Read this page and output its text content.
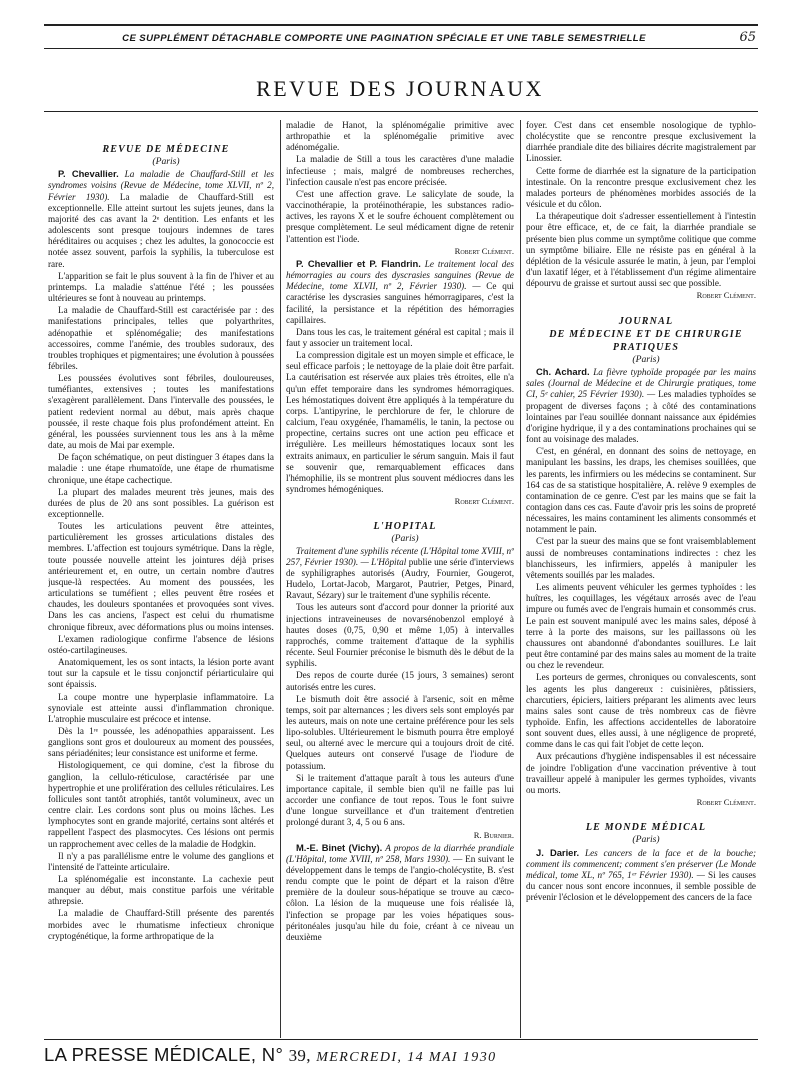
CE SUPPLÉMENT DÉTACHABLE COMPORTE UNE PAGINATION SPÉCIALE ET UNE TABLE SEMESTRIELLE	65
REVUE DES JOURNAUX

REVUE DE MÉDECINE

(Paris)

P. Chevallier. La maladie de Chauffard-Still et les syndromes voisins (Revue de Médecine, tome XLVII, nº 2, Février 1930). La maladie de Chauffard-Still est exceptionnelle. Elle atteint surtout les sujets jeunes, dans la majorité des cas avant la 2ᵉ dentition. Les enfants et les adolescents sont presque toujours indemnes de tares héréditaires ou acquises ; chez les adultes, la gonococcie est notée assez souvent, parfois la syphilis, la tuberculose est rare.

L'apparition se fait le plus souvent à la fin de l'hiver et au printemps. La maladie s'atténue l'été ; les poussées ultérieures se font à nouveau au printemps.

La maladie de Chauffard-Still est caractérisée par : des manifestations principales, telles que polyarthrites, adénopathie et splénomégalie; des manifestations accessoires, comme l'anémie, des troubles sudoraux, des troubles trophiques et pigmentaires; une évolution à poussées fébriles.

Les poussées évolutives sont fébriles, douloureuses, tuméfiantes, extensives ; toutes les manifestations s'exagèrent parallèlement. Dans l'intervalle des poussées, le patient redevient normal au début, mais après chaque poussée, il reste chaque fois plus profondément atteint. En général, les poussées surviennent tous les ans à la même date, au mois de Mai par exemple.

De façon schématique, on peut distinguer 3 étapes dans la maladie : une étape rhumatoïde, une étape de rhumatisme chronique, une étape cachectique.

La plupart des malades meurent très jeunes, mais des durées de plus de 20 ans sont possibles. La guérison est exceptionnelle.

Toutes les articulations peuvent être atteintes, particulièrement les grosses articulations distales des membres. L'affection est toujours symétrique. Dans la règle, toute poussée nouvelle atteint les jointures déjà prises antérieurement et, en outre, un certain nombre d'autres jusque-là respectées. Au moment des poussées, les articulations se tuméfient ; elles peuvent être rosées et chaudes, les douleurs spontanées et provoquées sont vives. Dans les cas anciens, l'aspect est celui du rhumatisme chronique fibreux, avec déformations plus ou moins intenses.

L'examen radiologique confirme l'absence de lésions ostéo-cartilagineuses.

Anatomiquement, les os sont intacts, la lésion porte avant tout sur la capsule et le tissu conjonctif périarticulaire qui sont épaissis.

La coupe montre une hyperplasie inflammatoire. La synoviale est atteinte aussi d'inflammation chronique. L'atrophie musculaire est précoce et intense.

Dès la 1ʳᵉ poussée, les adénopathies apparaissent. Les ganglions sont gros et douloureux au moment des poussées, sans périadénites; leur consistance est uniforme et ferme.

Histologiquement, ce qui domine, c'est la fibrose du ganglion, la cellulo-réticulose, caractérisée par une hypertrophie et une prolifération des cellules réticulaires. Les follicules sont tantôt atrophiés, tantôt volumineux, avec un centre clair. Les cordons sont plus ou moins lâches. Les lymphocytes sont en grande majorité, certains sont altérés et rappellent l'aspect des plasmocytes. Ces lésions ont permis un rapprochement avec celles de la maladie de Hodgkin.

Il n'y a pas parallélisme entre le volume des ganglions et l'intensité de l'atteinte articulaire.

La splénomégalie est inconstante. La cachexie peut manquer au début, mais constitue parfois une véritable athrepsie.

La maladie de Chauffard-Still présente des parentés morbides avec le rhumatisme infectieux chronique cryptogénétique, la forme arthropatique de la

maladie de Hanot, la splénomégalie primitive avec arthropathie et la splénomégalie primitive avec adénomégalie.

La maladie de Still a tous les caractères d'une maladie infectieuse ; mais, malgré de nombreuses recherches, l'infection causale n'est pas encore précisée.

C'est une affection grave. Le salicylate de soude, la vaccinothérapie, la protéinothérapie, les substances radio-actives, les rayons X et le soufre échouent complètement ou presque complètement. Le seul médicament digne de retenir l'attention est l'iode.

Robert Clément.

P. Chevallier et P. Flandrin. Le traitement local des hémorragies au cours des dyscrasies sanguines (Revue de Médecine, tome XLVII, nº 2, Février 1930). — Ce qui caractérise les dyscrasies sanguines hémorragipares, c'est la facilité, la persistance et la répétition des hémorragies capillaires.

Dans tous les cas, le traitement général est capital ; mais il faut y associer un traitement local.

La compression digitale est un moyen simple et efficace, le seul efficace parfois ; le nettoyage de la plaie doit être parfait. La cautérisation est réservée aux plaies très étroites, elle n'a qu'un effet temporaire dans les syndromes hémorragiques. Les hémostatiques doivent être appliqués à la température du corps. L'antipyrine, le perchlorure de fer, le chlorure de calcium, l'eau oxygénée, l'hamamélis, le tanin, la pectose ou propectine, certains sucres ont une action peu efficace et irrégulière. Les meilleurs hémostatiques locaux sont les extraits animaux, en particulier le sérum sanguin. Mais il faut se souvenir que, remarquablement efficaces dans l'hémophilie, ils se montrent plus souvent médiocres dans les syndromes hémogéniques.

Robert Clément.

L'HOPITAL

(Paris)

Traitement d'une syphilis récente (L'Hôpital tome XVIII, nº 257, Février 1930). — L'Hôpital publie une série d'interviews de syphiligraphes autorisés (Audry, Fournier, Gougerot, Hudelo, Lortat-Jacob, Margarot, Pautrier, Petges, Pinard, Ravaut, Sézary) sur le traitement d'une syphilis récente.

Tous les auteurs sont d'accord pour donner la priorité aux injections intraveineuses de novarsénobenzol employé à hautes doses (0,75, 0,90 et même 1,05) à intervalles rapprochés, comme traitement d'attaque de la syphilis récente. Seul Fournier préconise le bismuth dès le début de la syphilis.

Des repos de courte durée (15 jours, 3 semaines) seront autorisés entre les cures.

Le bismuth doit être associé à l'arsenic, soit en même temps, soit par alternances ; les divers sels sont employés par les auteurs, mais on note une certaine préférence pour les sels lipo-solubles. Ultérieurement le bismuth pourra être employé seul, ou alterné avec le mercure qui a toujours droit de cité. Quelques auteurs ont conservé l'usage de l'iodure de potassium.

Si le traitement d'attaque paraît à tous les auteurs d'une importance capitale, il semble bien qu'il ne faille pas lui accorder une confiance de tout repos. Tous le font suivre d'une longue surveillance et d'un traitement d'entretien prolongé durant 3, 4, 5 ou 6 ans.

R. Burnier.

M.-E. Binet (Vichy). A propos de la diarrhée prandiale (L'Hôpital, tome XVIII, nº 258, Mars 1930). — En suivant le développement dans le temps de l'angio-cholécystite, B. s'est rendu compte que le point de départ et la raison d'être première de la douleur sous-hépatique se trouve au cæco-côlon. La lésion de la muqueuse une fois réalisée là, l'infection se propage par les voies hépatiques sous-péritonéales jusqu'au hile du foie, créant à ce niveau un deuxième

foyer. C'est dans cet ensemble nosologique de typhlo-cholécystite que se rencontre presque exclusivement la diarrhée prandiale dite des biliaires décrite magistralement par Linossier.

Cette forme de diarrhée est la signature de la participation intestinale. On la rencontre presque exclusivement chez les malades porteurs de phénomènes morbides associés de la vésicule et du côlon.

La thérapeutique doit s'adresser essentiellement à l'intestin pour être efficace, et, de ce fait, la diarrhée prandiale se présente bien plus comme un symptôme colitique que comme un symptôme biliaire. Elle ne résiste pas en général à la déplétion de la vésicule assurée le matin, à jeun, par l'emploi d'un laxatif léger, et à l'établissement d'un régime alimentaire dépourvu de graisse et surtout aussi sec que possible.

Robert Clément.

JOURNAL

DE MÉDECINE ET DE CHIRURGIE

PRATIQUES

(Paris)

Ch. Achard. La fièvre typhoïde propagée par les mains sales (Journal de Médecine et de Chirurgie pratiques, tome CI, 5ᵉ cahier, 25 Février 1930). — Les maladies typhoïdes se propagent de diverses façons ; à côté des contaminations lointaines par l'eau souillée donnant naissance aux épidémies d'origine hydrique, il y a des contaminations prochaines qui se font au voisinage des malades.

C'est, en général, en donnant des soins de nettoyage, en manipulant les bassins, les draps, les chemises souillées, que les parents, les infirmiers ou les médecins se contaminent. Sur 164 cas de sa statistique hospitalière, A. relève 9 exemples de contamination de ce genre. C'est par les mains que se fait la contagion dans ces cas. Faute d'avoir pris les soins de propreté nécessaires, les mains contaminent les aliments consommés et notamment le pain.

C'est par la sueur des mains que se font vraisemblablement aussi de nombreuses contaminations indirectes : chez les blanchisseurs, les infirmiers, appelés à manipuler les vêtements souillés par les malades.

Les aliments peuvent véhiculer les germes typhoïdes : les huîtres, les coquillages, les végétaux arrosés avec de l'eau impure ou fumés avec de l'engrais humain et consommés crus. Le pain est souvent manipulé avec les mains sales, déposé à terre à la porte des maisons, sur les paillassons où les chaussures ont abandonné d'abondantes souillures. Le lait peut être contaminé par des mains sales au moment de la traite ou chez le revendeur.

Les porteurs de germes, chroniques ou convalescents, sont les agents les plus dangereux : cuisinières, pâtissiers, charcutiers, épiciers, laitiers préparant les aliments avec leurs mains sales sont cause de très nombreux cas de fièvre typhoïde. Enfin, les affections accidentelles de laboratoire sont souvent dues, elles aussi, à une négligence de propreté, comme dans le cas qui fait l'objet de cette leçon.

Aux précautions d'hygiène indispensables il est nécessaire de joindre l'obligation d'une vaccination préventive à tout travailleur appelé à manipuler les germes typhoïdes, vivants ou morts.

Robert Clément.

LE MONDE MÉDICAL

(Paris)

J. Darier. Les cancers de la face et de la bouche; comment ils commencent; comment s'en préserver (Le Monde médical, tome XL, nº 765, 1ᵉʳ Février 1930). — Si les causes du cancer nous sont encore inconnues, il semble possible de prévenir l'éclosion et le développement des cancers de la face

LA PRESSE MÉDICALE, N° 39, MERCREDI, 14 MAI 1930
